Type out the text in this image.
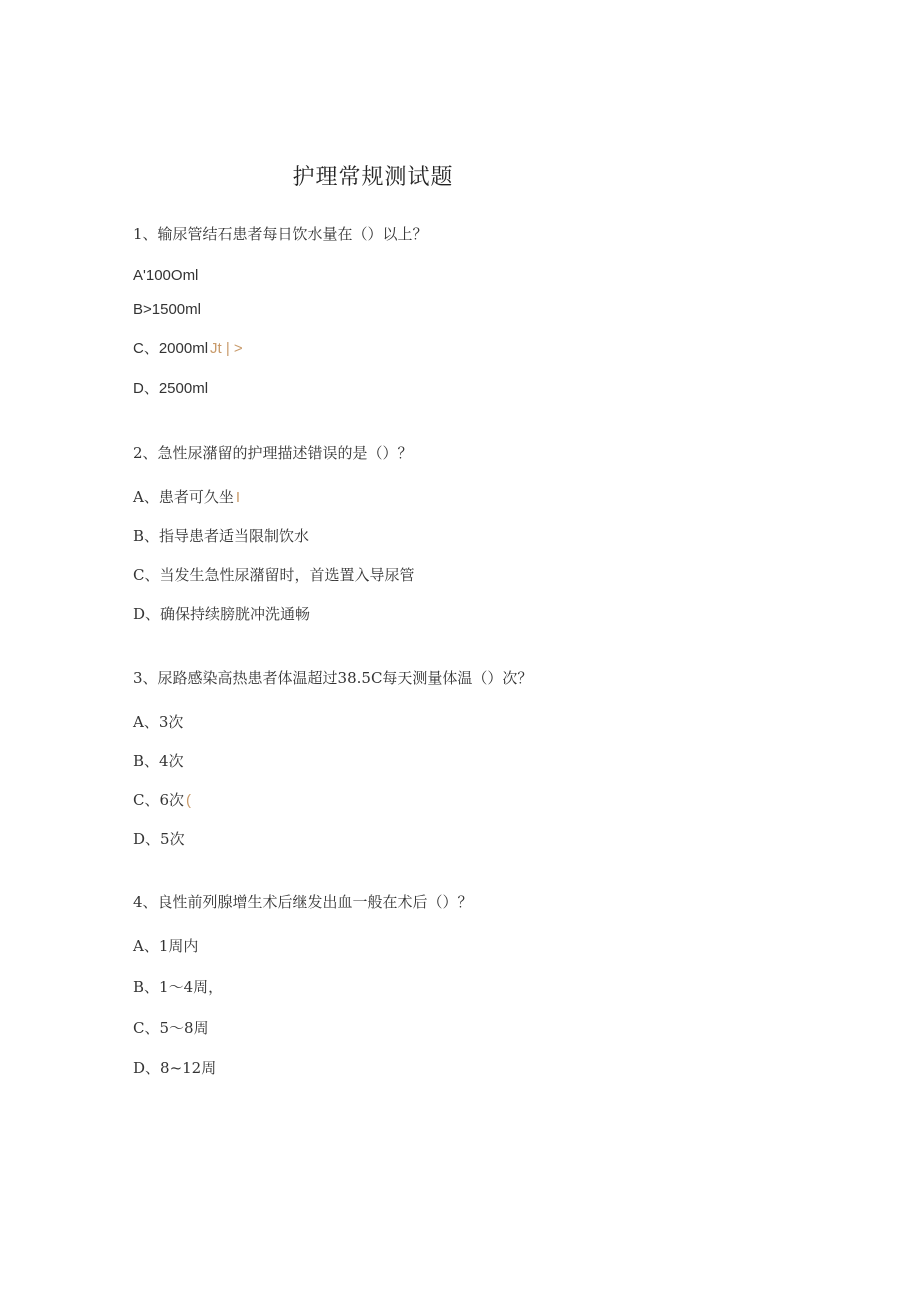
护理常规测试题
1、输尿管结石患者每日饮水量在（）以上？
A'100Oml
B>1500ml
C、2000ml Jt | >
D、2500ml
2、急性尿潴留的护理描述错误的是（）？
A、患者可久坐 I
B、指导患者适当限制饮水
C、当发生急性尿潴留时，首选置入导尿管
D、确保持续膀胱冲洗通畅
3、尿路感染高热患者体温超过38.5C每天测量体温（）次？
A、3次
B、4次
C、6次 (
D、5次
4、良性前列腺增生术后继发出血一般在术后（）？
A、1周内
B、1～4周，
C、5～8周
D、8~12周
